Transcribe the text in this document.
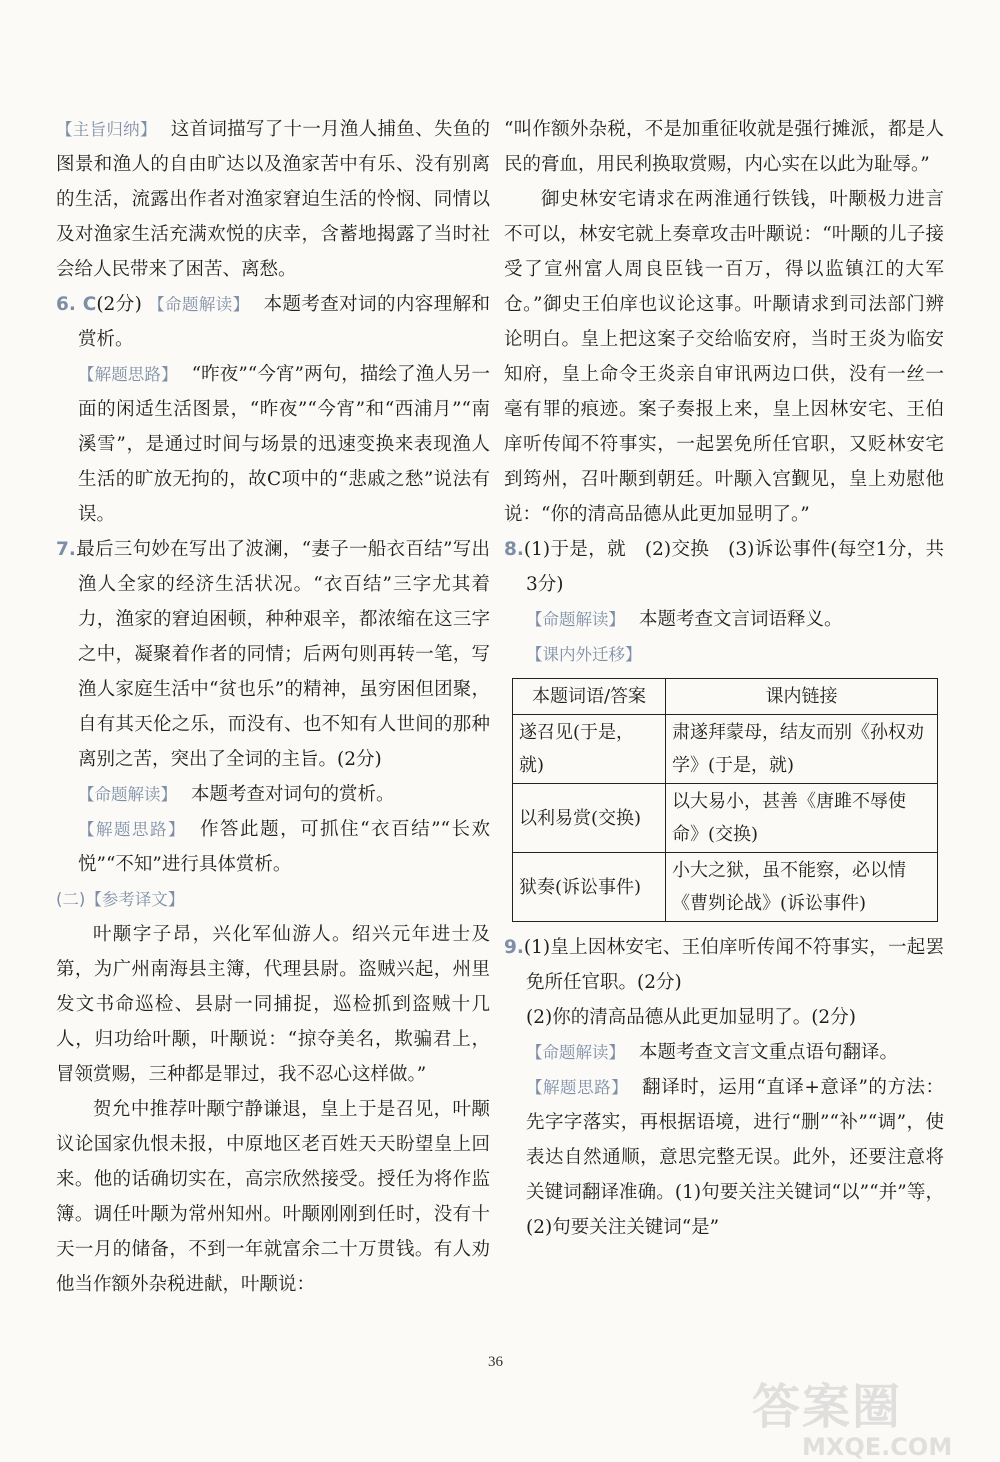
【主旨归纳】 这首词描写了十一月渔人捕鱼、失鱼的图景和渔人的自由旷达以及渔家苦中有乐、没有别离的生活，流露出作者对渔家窘迫生活的怜悯、同情以及对渔家生活充满欢悦的庆幸，含蓄地揭露了当时社会给人民带来了困苦、离愁。

6. C(2分) 【命题解读】 本题考查对词的内容理解和赏析。

【解题思路】 “昨夜”“今宵”两句，描绘了渔人另一面的闲适生活图景，“昨夜”“今宵”和“西浦月”“南溪雪”，是通过时间与场景的迅速变换来表现渔人生活的旷放无拘的，故C项中的“悲戚之愁”说法有误。

7.最后三句妙在写出了波澜，“妻子一船衣百结”写出渔人全家的经济生活状况。“衣百结”三字尤其着力，渔家的窘迫困顿，种种艰辛，都浓缩在这三字之中，凝聚着作者的同情；后两句则再转一笔，写渔人家庭生活中“贫也乐”的精神，虽穷困但团聚，自有其天伦之乐，而没有、也不知有人世间的那种离别之苦，突出了全词的主旨。(2分)

【命题解读】 本题考查对词句的赏析。

【解题思路】 作答此题，可抓住“衣百结”“长欢悦”“不知”进行具体赏析。

(二)【参考译文】

叶颙字子昂，兴化军仙游人。绍兴元年进士及第，为广州南海县主簿，代理县尉。盗贼兴起，州里发文书命巡检、县尉一同捕捉，巡检抓到盗贼十几人，归功给叶颙，叶颙说：“掠夺美名，欺骗君上，冒领赏赐，三种都是罪过，我不忍心这样做。”

贺允中推荐叶颙宁静谦退，皇上于是召见，叶颙议论国家仇恨未报，中原地区老百姓天天盼望皇上回来。他的话确切实在，高宗欣然接受。授任为将作监簿。调任叶颙为常州知州。叶颙刚刚到任时，没有十天一月的储备，不到一年就富余二十万贯钱。有人劝他当作额外杂税进献，叶颙说：

“叫作额外杂税，不是加重征收就是强行摊派，都是人民的膏血，用民利换取赏赐，内心实在以此为耻辱。”

御史林安宅请求在两淮通行铁钱，叶颙极力进言不可以，林安宅就上奏章攻击叶颙说：“叶颙的儿子接受了宣州富人周良臣钱一百万，得以监镇江的大军仓。”御史王伯庠也议论这事。叶颙请求到司法部门辨论明白。皇上把这案子交给临安府，当时王炎为临安知府，皇上命令王炎亲自审讯两边口供，没有一丝一毫有罪的痕迹。案子奏报上来，皇上因林安宅、王伯庠听传闻不符事实，一起罢免所任官职，又贬林安宅到筠州，召叶颙到朝廷。叶颙入宫觐见，皇上劝慰他说：“你的清高品德从此更加显明了。”

8.(1)于是，就　(2)交换　(3)诉讼事件(每空1分，共3分)

【命题解读】 本题考查文言词语释义。

【课内外迁移】

本题词语/答案	课内链接
遂召见(于是，就)	肃遂拜蒙母，结友而别《孙权劝学》(于是，就)
以利易赏(交换)	以大易小，甚善《唐雎不辱使命》(交换)
狱奏(诉讼事件)	小大之狱，虽不能察，必以情《曹刿论战》(诉讼事件)

9.(1)皇上因林安宅、王伯庠听传闻不符事实，一起罢免所任官职。(2分)

(2)你的清高品德从此更加显明了。(2分)

【命题解读】 本题考查文言文重点语句翻译。

【解题思路】 翻译时，运用“直译+意译”的方法：先字字落实，再根据语境，进行“删”“补”“调”，使表达自然通顺，意思完整无误。此外，还要注意将关键词翻译准确。(1)句要关注关键词“以”“并”等，(2)句要关注关键词“是”

36
答案圈
MXQE.COM
